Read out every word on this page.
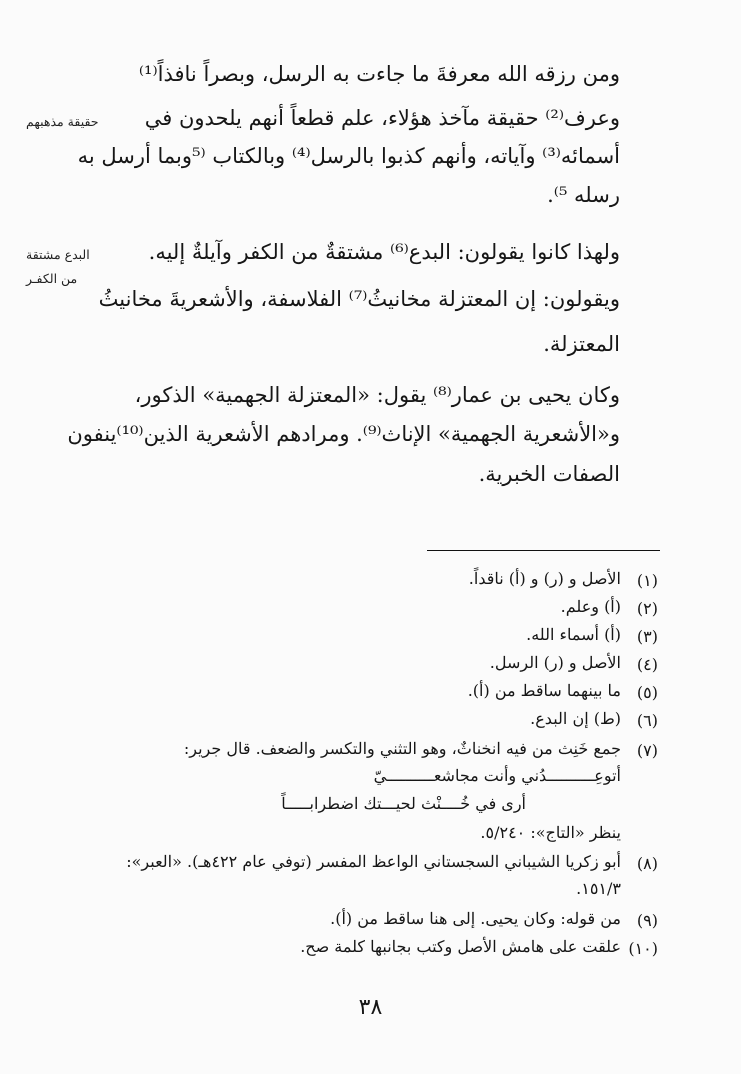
ومن رزقه الله معرفةَ ما جاءت به الرسل، وبصراً نافذاً⁽¹⁾
وعرف⁽²⁾ حقيقة مآخذ هؤلاء، علم قطعاً أنهم يلحدون في
أسمائه⁽³⁾ وآياته، وأنهم كذبوا بالرسل⁽⁴⁾ وبالكتاب ⁽⁵وبما أرسل به
رسله ⁵⁾.
ولهذا كانوا يقولون: البدع⁽⁶⁾ مشتقةٌ من الكفر وآيلةٌ إليه.
ويقولون: إن المعتزلة مخانيثُ⁽⁷⁾ الفلاسفة، والأشعريةَ مخانيثُ
المعتزلة.
وكان يحيى بن عمار⁽⁸⁾ يقول: «المعتزلة الجهمية» الذكور،
و«الأشعرية الجهمية» الإناث⁽⁹⁾. ومرادهم الأشعرية الذين⁽¹⁰⁾ينفون
الصفات الخبرية.
حقيقة مذهبهم
البدع مشتقة
من الكفـر
(١)
الأصل و (ر) و (أ) ناقداً.
(٢)
(أ) وعلم.
(٣)
(أ) أسماء الله.
(٤)
الأصل و (ر) الرسل.
(٥)
ما بينهما ساقط من (أ).
(٦)
(ط) إن البدع.
(٧)
جمع خَنِث من فيه انخناثٌ، وهو التثني والتكسر والضعف. قال جرير:
أتوعِــــــــــدُني وأنت مجاشعــــــــــيّ
أرى في خُــــنْث لحيـــتك اضطرابـــــاً
ينظر «التاج»: ٥/٢٤٠.
(٨)
أبو زكريا الشيباني السجستاني الواعظ المفسر (توفي عام ٤٢٢هـ). «العبر»:
١٥١/٣.
(٩)
من قوله: وكان يحيى. إلى هنا ساقط من (أ).
(١٠)
علقت على هامش الأصل وكتب بجانبها كلمة صح.
٣٨
